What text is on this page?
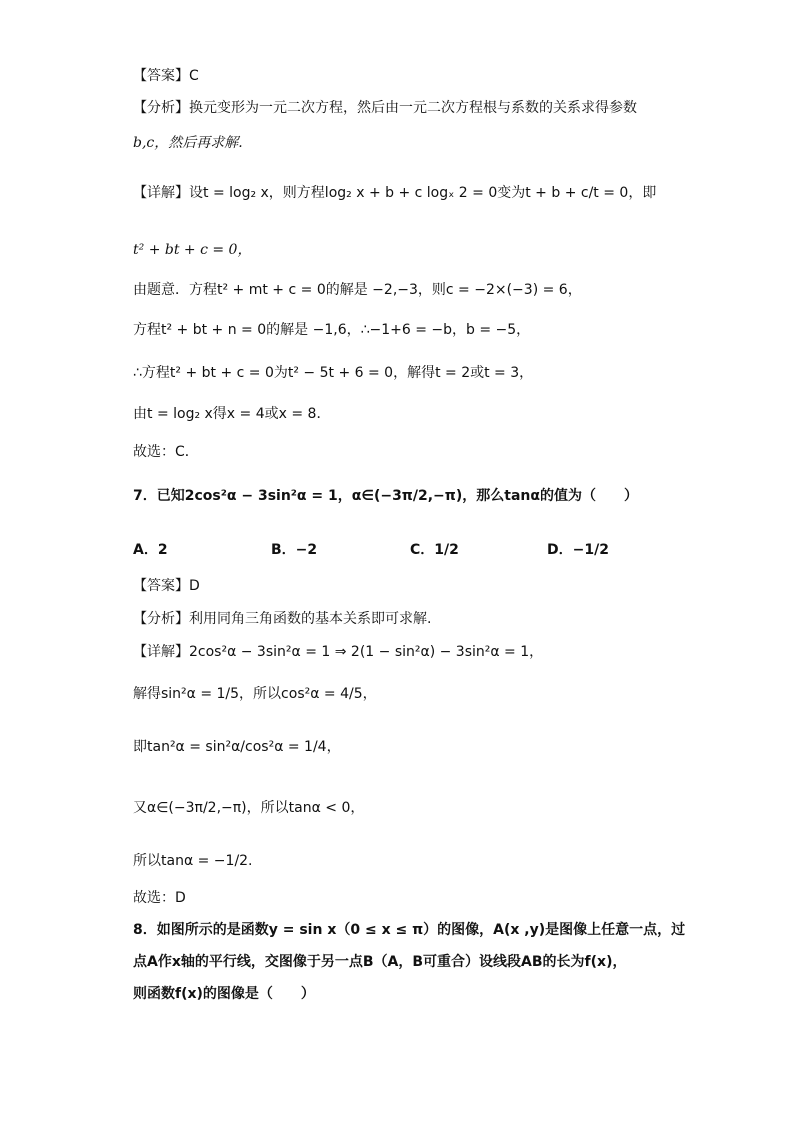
【答案】C
【分析】换元变形为一元二次方程，然后由一元二次方程根与系数的关系求得参数
b,c，然后再求解.
【详解】设t = log₂ x，则方程log₂ x + b + c logₓ 2 = 0变为t + b + c/t = 0，即
t² + bt + c = 0，
由题意．方程t² + mt + c = 0的解是 −2,−3，则c = −2×(−3) = 6，
方程t² + bt + n = 0的解是 −1,6，∴−1+6 = −b，b = −5，
∴方程t² + bt + c = 0为t² − 5t + 6 = 0，解得t = 2或t = 3，
由t = log₂ x得x = 4或x = 8．
故选：C．
7．已知2cos²α − 3sin²α = 1，α∈(−3π/2,−π)，那么tanα的值为（　　）
A．2	B．−2	C．1/2	D．−1/2
【答案】D
【分析】利用同角三角函数的基本关系即可求解.
【详解】2cos²α − 3sin²α = 1 ⇒ 2(1 − sin²α) − 3sin²α = 1，
解得sin²α = 1/5，所以cos²α = 4/5，
即tan²α = sin²α/cos²α = 1/4，
又α∈(−3π/2,−π)，所以tanα < 0，
所以tanα = −1/2.
故选：D
8．如图所示的是函数y = sin x（0 ≤ x ≤ π）的图像，A(x ,y)是图像上任意一点，过
点A作x轴的平行线，交图像于另一点B（A，B可重合）设线段AB的长为f(x)，
则函数f(x)的图像是（　　）
